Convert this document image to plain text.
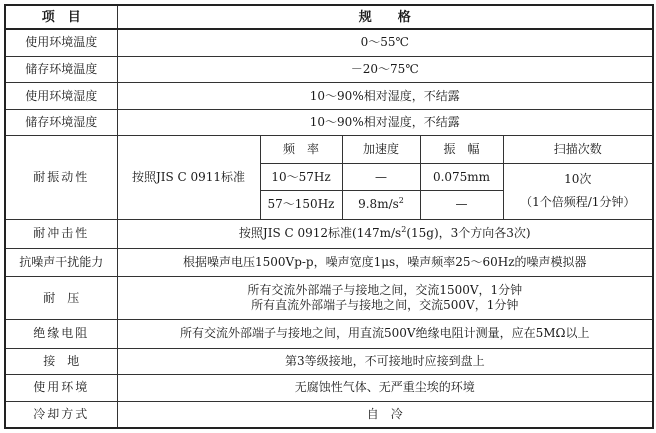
项　目	规　　格				
使用环境温度	0～55℃				
储存环境温度	－20～75℃				
使用环境湿度	10～90%相对湿度，不结露				
储存环境湿度	10～90%相对湿度，不结露				
耐振动性	按照JIS C 0911标准	频　率	加速度	振　幅	扫描次数
		10～57Hz	—	0.075mm	10次
（1个倍频程/1分钟）

		57～150Hz	$9.8m/s^2$	—	
耐冲击性	按照JIS C 0912标准($147m/s^2(15g)$，3个方向各3次)				
抗噪声干扰能力	根据噪声电压1500Vp-p，噪声宽度1μs，噪声频率25～60Hz的噪声模拟器				
耐　压	所有交流外部端子与接地之间，交流1500V，1分钟
所有直流外部端子与接地之间，交流500V，1分钟				

绝缘电阻	所有交流外部端子与接地之间，用直流500V绝缘电阻计测量，应在5MΩ以上				
接　地	第3等级接地，不可接地时应接到盘上				
使用环境	无腐蚀性气体、无严重尘埃的环境				
冷却方式	自　冷				
